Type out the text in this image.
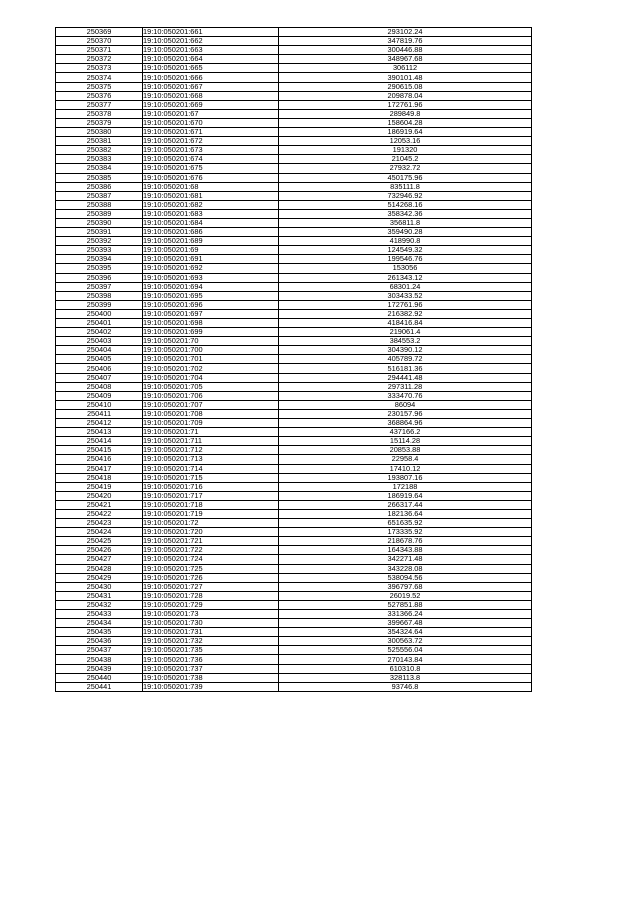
250369	19:10:050201:661	293102.24
250370	19:10:050201:662	347819.76
250371	19:10:050201:663	300446.88
250372	19:10:050201:664	348967.68
250373	19:10:050201:665	306112
250374	19:10:050201:666	390101.48
250375	19:10:050201:667	290615.08
250376	19:10:050201:668	209878.04
250377	19:10:050201:669	172761.96
250378	19:10:050201:67	289849.8
250379	19:10:050201:670	158604.28
250380	19:10:050201:671	186919.64
250381	19:10:050201:672	12053.16
250382	19:10:050201:673	191320
250383	19:10:050201:674	21045.2
250384	19:10:050201:675	27932.72
250385	19:10:050201:676	450175.96
250386	19:10:050201:68	835111.8
250387	19:10:050201:681	732946.92
250388	19:10:050201:682	514268.16
250389	19:10:050201:683	358342.36
250390	19:10:050201:684	356811.8
250391	19:10:050201:686	359490.28
250392	19:10:050201:689	418990.8
250393	19:10:050201:69	124549.32
250394	19:10:050201:691	199546.76
250395	19:10:050201:692	153056
250396	19:10:050201:693	261343.12
250397	19:10:050201:694	68301.24
250398	19:10:050201:695	303433.52
250399	19:10:050201:696	172761.96
250400	19:10:050201:697	216382.92
250401	19:10:050201:698	418416.84
250402	19:10:050201:699	219061.4
250403	19:10:050201:70	384553.2
250404	19:10:050201:700	304390.12
250405	19:10:050201:701	405789.72
250406	19:10:050201:702	516181.36
250407	19:10:050201:704	294441.48
250408	19:10:050201:705	297311.28
250409	19:10:050201:706	333470.76
250410	19:10:050201:707	86094
250411	19:10:050201:708	230157.96
250412	19:10:050201:709	368864.96
250413	19:10:050201:71	437166.2
250414	19:10:050201:711	15114.28
250415	19:10:050201:712	20853.88
250416	19:10:050201:713	22958.4
250417	19:10:050201:714	17410.12
250418	19:10:050201:715	193807.16
250419	19:10:050201:716	172188
250420	19:10:050201:717	186919.64
250421	19:10:050201:718	266317.44
250422	19:10:050201:719	182136.64
250423	19:10:050201:72	651635.92
250424	19:10:050201:720	173335.92
250425	19:10:050201:721	218678.76
250426	19:10:050201:722	164343.88
250427	19:10:050201:724	342271.48
250428	19:10:050201:725	343228.08
250429	19:10:050201:726	538094.56
250430	19:10:050201:727	396797.68
250431	19:10:050201:728	26019.52
250432	19:10:050201:729	527851.88
250433	19:10:050201:73	331366.24
250434	19:10:050201:730	399667.48
250435	19:10:050201:731	354324.64
250436	19:10:050201:732	300563.72
250437	19:10:050201:735	525556.04
250438	19:10:050201:736	270143.84
250439	19:10:050201:737	610310.8
250440	19:10:050201:738	328113.8
250441	19:10:050201:739	93746.8
